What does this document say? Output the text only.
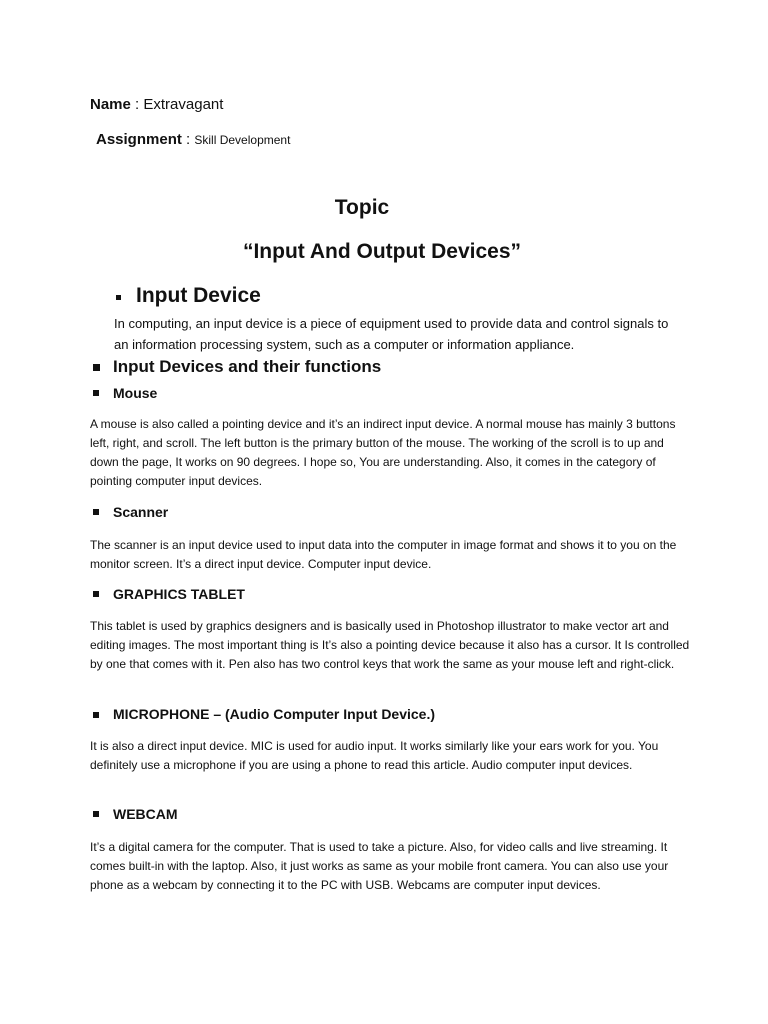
Name : Extravagant
Assignment : Skill Development
Topic
“Input And Output Devices”
Input Device
In computing, an input device is a piece of equipment used to provide data and control signals to an information processing system, such as a computer or information appliance.
Input Devices and their functions
Mouse
A mouse is also called a pointing device and it’s an indirect input device. A normal mouse has mainly 3 buttons left, right, and scroll. The left button is the primary button of the mouse. The working of the scroll is to up and down the page, It works on 90 degrees. I hope so, You are understanding. Also, it comes in the category of pointing computer input devices.
Scanner
The scanner is an input device used to input data into the computer in image format and shows it to you on the monitor screen. It’s a direct input device. Computer input device.
GRAPHICS TABLET
This tablet is used by graphics designers and is basically used in Photoshop illustrator to make vector art and editing images. The most important thing is It’s also a pointing device because it also has a cursor. It Is controlled by one that comes with it. Pen also has two control keys that work the same as your mouse left and right-click.
MICROPHONE – (Audio Computer Input Device.)
It is also a direct input device. MIC is used for audio input. It works similarly like your ears work for you. You definitely use a microphone if you are using a phone to read this article. Audio computer input devices.
WEBCAM
It’s a digital camera for the computer. That is used to take a picture. Also, for video calls and live streaming. It comes built-in with the laptop. Also, it just works as same as your mobile front camera. You can also use your phone as a webcam by connecting it to the PC with USB. Webcams are computer input devices.
